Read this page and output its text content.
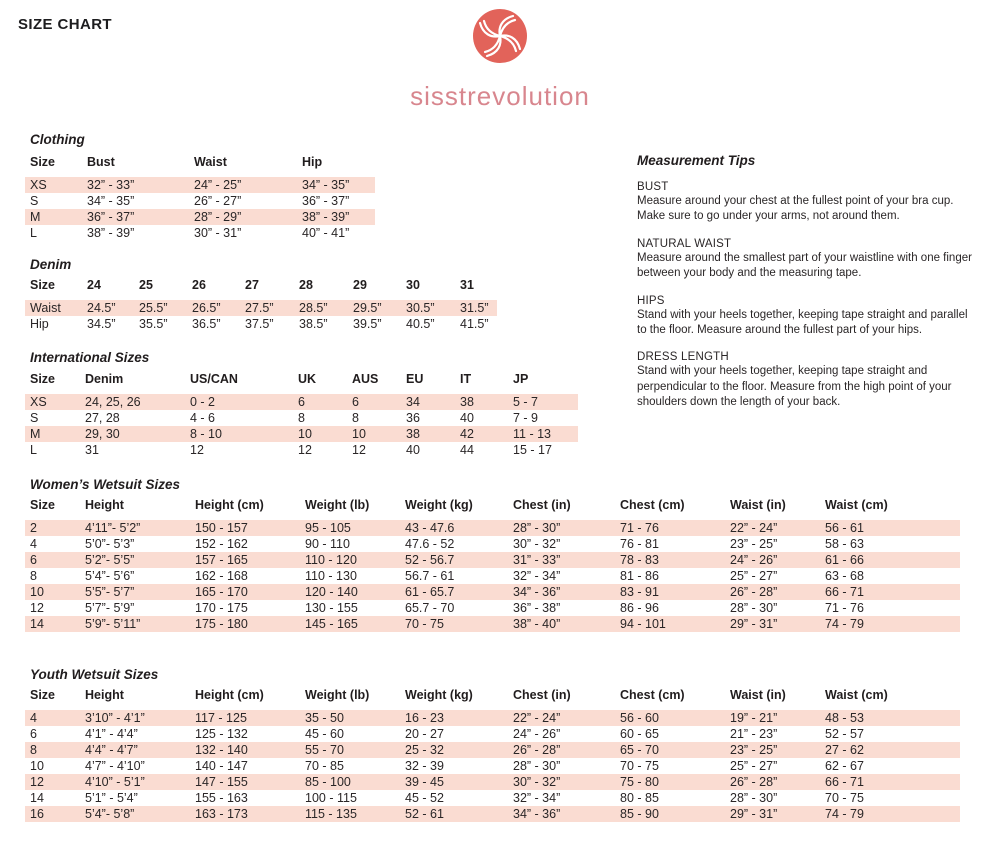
SIZE CHART
sisstrevolution
Clothing
Size	Bust	Waist	Hip
XS	32” - 33”	24” - 25”	34” - 35”
S	34” - 35”	26” - 27”	36” - 37”
M	36” - 37”	28” - 29”	38” - 39”
L	38” - 39”	30” - 31”	40” - 41”
Denim
Size	24	25	26	27	28	29	30	31
Waist	24.5”	25.5”	26.5”	27.5”	28.5”	29.5”	30.5”	31.5”
Hip	34.5”	35.5”	36.5”	37.5”	38.5”	39.5”	40.5”	41.5”
International Sizes
Size	Denim	US/CAN	UK	AUS	EU	IT	JP
XS	24, 25, 26	0 - 2	6	6	34	38	5 - 7
S	27, 28	4 - 6	8	8	36	40	7 - 9
M	29, 30	8 - 10	10	10	38	42	11 - 13
L	31	12	12	12	40	44	15 - 17
Measurement Tips
BUST
Measure around your chest at the fullest point of your bra cup. Make sure to go under your arms, not around them.
NATURAL WAIST
Measure around the smallest part of your waistline with one finger between your body and the measuring tape.
HIPS
Stand with your heels together, keeping tape straight and parallel to the floor. Measure around the fullest part of your hips.
DRESS LENGTH
Stand with your heels together, keeping tape straight and perpendicular to the floor. Measure from the high point of your shoulders down the length of your back.
Women’s Wetsuit Sizes
Size	Height	Height (cm)	Weight (lb)	Weight (kg)	Chest (in)	Chest (cm)	Waist (in)	Waist (cm)
2	4’11”- 5’2”	150 - 157	95 - 105	43 - 47.6	28” - 30”	71 - 76	22” - 24”	56 - 61
4	5’0”- 5’3”	152 - 162	90 - 110	47.6 - 52	30” - 32”	76 - 81	23” - 25”	58 - 63
6	5’2”- 5’5”	157 - 165	110 - 120	52 - 56.7	31” - 33”	78 - 83	24” - 26”	61 - 66
8	5’4”- 5’6”	162 - 168	110 - 130	56.7 - 61	32” - 34”	81 - 86	25” - 27”	63 - 68
10	5’5”- 5’7”	165 - 170	120 - 140	61 - 65.7	34” - 36”	83 - 91	26” - 28”	66 - 71
12	5’7”- 5’9”	170 - 175	130 - 155	65.7 - 70	36” - 38”	86 - 96	28” - 30”	71 - 76
14	5’9”- 5’11”	175 - 180	145 - 165	70 - 75	38” - 40”	94 - 101	29” - 31”	74 - 79
Youth Wetsuit Sizes
Size	Height	Height (cm)	Weight (lb)	Weight (kg)	Chest (in)	Chest (cm)	Waist (in)	Waist (cm)
4	3’10” - 4’1”	117 - 125	35 - 50	16 - 23	22” - 24”	56 - 60	19” - 21”	48 - 53
6	4’1” - 4’4”	125 - 132	45 - 60	20 - 27	24” - 26”	60 - 65	21” - 23”	52 - 57
8	4’4” - 4’7”	132 - 140	55 - 70	25 - 32	26” - 28”	65 - 70	23” - 25”	27 - 62
10	4’7” - 4’10”	140 - 147	70 - 85	32 - 39	28” - 30”	70 - 75	25” - 27”	62 - 67
12	4’10” - 5’1”	147 - 155	85 - 100	39 - 45	30” - 32”	75 - 80	26” - 28”	66 - 71
14	5’1” - 5’4”	155 - 163	100 - 115	45 - 52	32” - 34”	80 - 85	28” - 30”	70 - 75
16	5’4”- 5’8”	163 - 173	115 - 135	52 - 61	34” - 36”	85 - 90	29” - 31”	74 - 79
